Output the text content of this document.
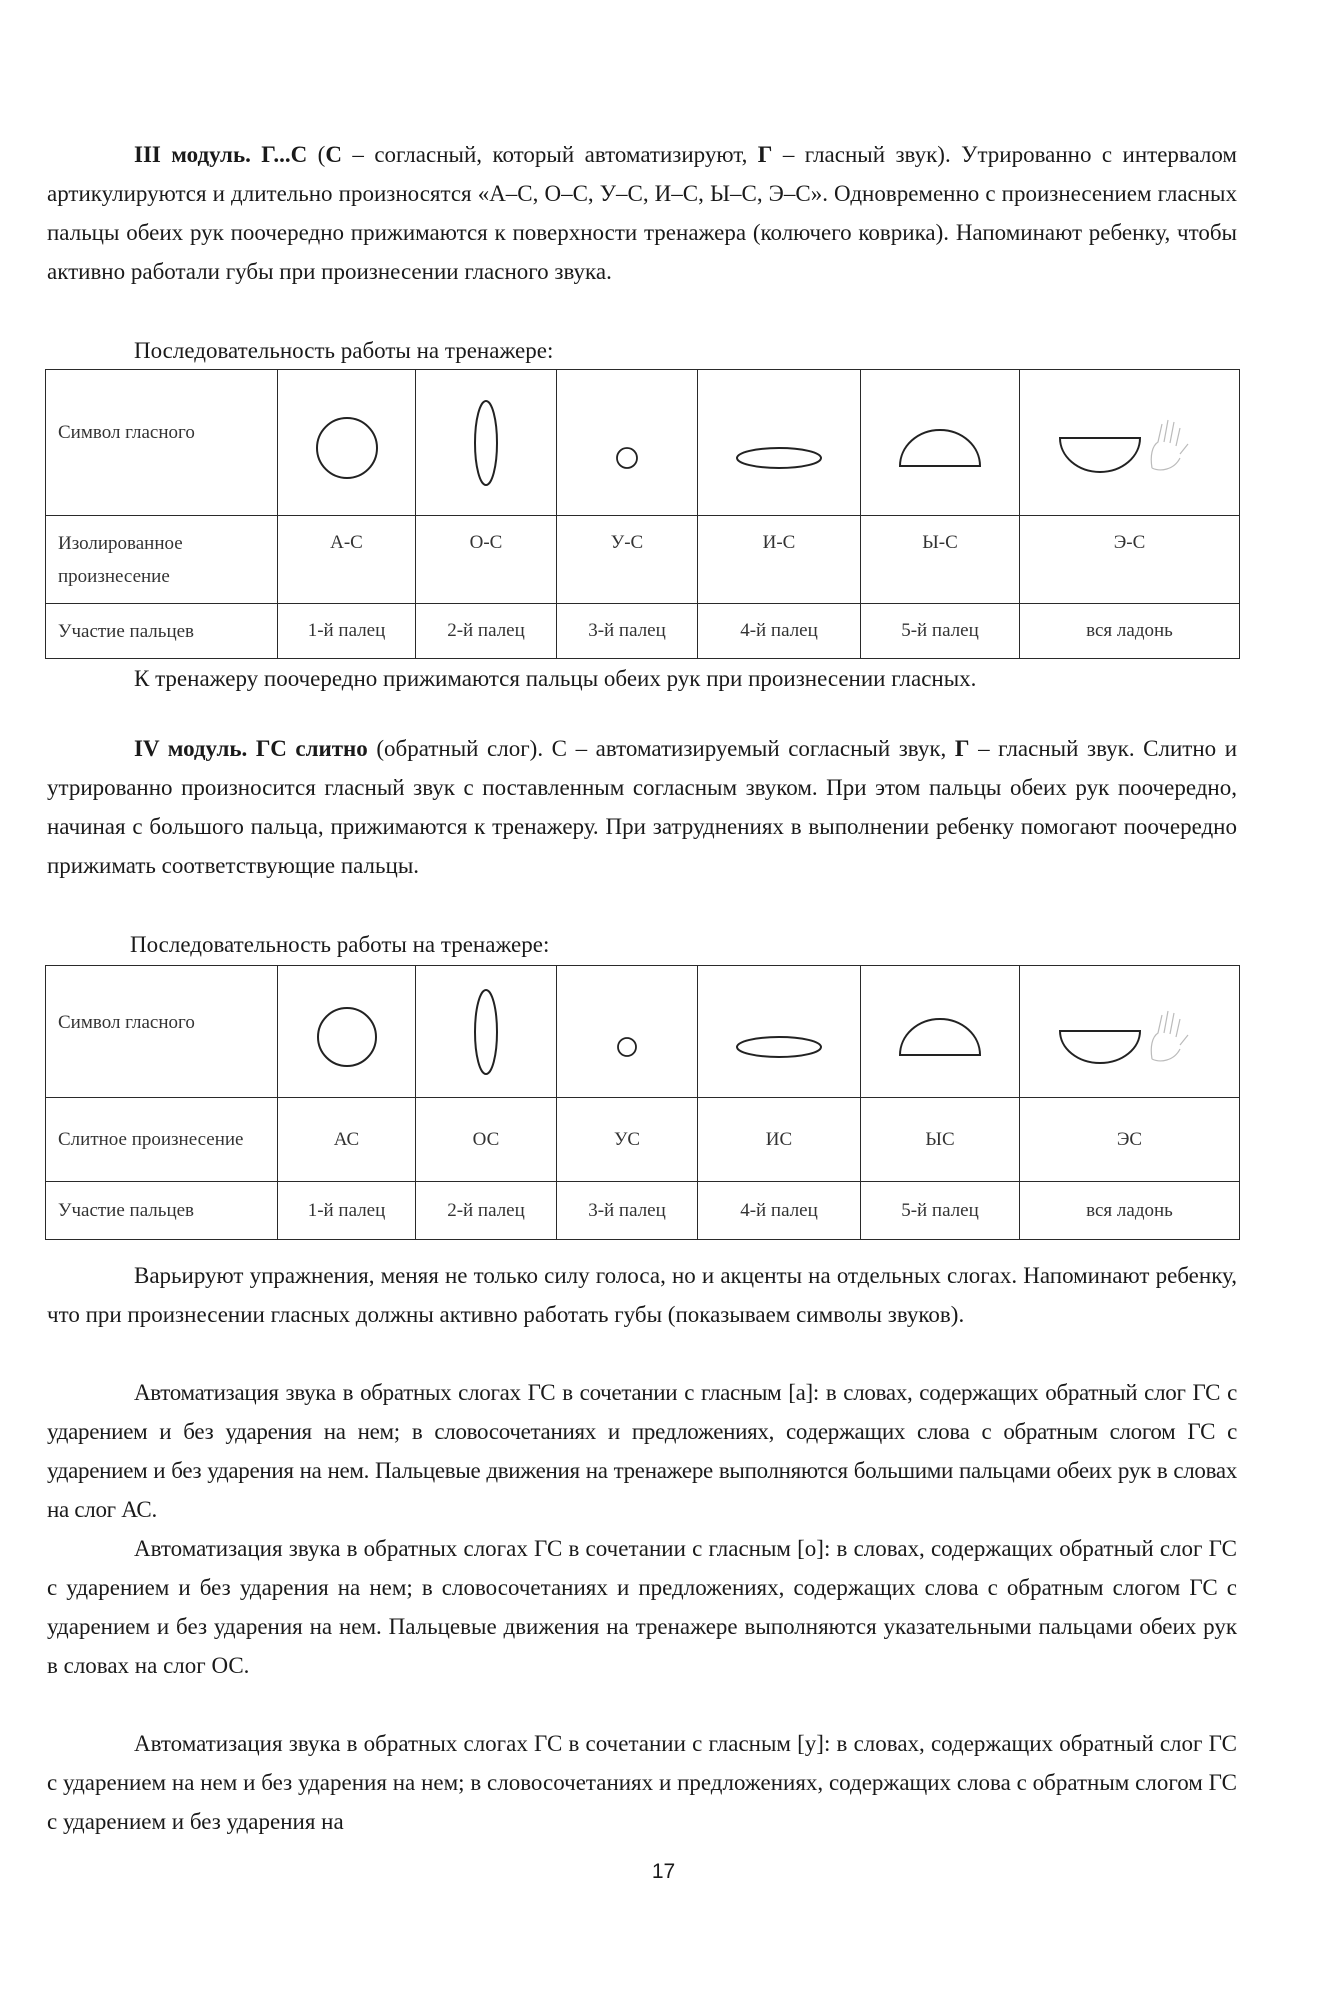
III модуль. Г...С (С – согласный, который автоматизируют, Г – гласный звук). Утрированно с интервалом артикулируются и длительно произносятся «А–С, О–С, У–С, И–С, Ы–С, Э–С». Одновременно с произнесением гласных пальцы обеих рук поочередно прижимаются к поверхности тренажера (колючего коврика). Напоминают ребенку, чтобы активно работали губы при произнесении гласного звука.

Последовательность работы на тренажере:

Символ гласного	

Изолированное произнесение	А-С	О-С	У-С	И-С	Ы-С	Э-С
Участие пальцев	1-й палец	2-й палец	3-й палец	4-й палец	5-й палец	вся ладонь

К тренажеру поочередно прижимаются пальцы обеих рук при произнесении гласных.

IV модуль. ГС слитно (обратный слог). С – автоматизируемый согласный звук, Г – гласный звук. Слитно и утрированно произносится гласный звук с поставленным согласным звуком. При этом пальцы обеих рук поочередно, начиная с большого пальца, прижимаются к тренажеру. При затруднениях в выполнении ребенку помогают поочередно прижимать соответствующие пальцы.

Последовательность работы на тренажере:

Символ гласного	

Слитное произнесение	АС	ОС	УС	ИС	ЫС	ЭС
Участие пальцев	1-й палец	2-й палец	3-й палец	4-й палец	5-й палец	вся ладонь

Варьируют упражнения, меняя не только силу голоса, но и акценты на отдельных слогах. Напоминают ребенку, что при произнесении гласных должны активно работать губы (показываем символы звуков).

Автоматизация звука в обратных слогах ГС в сочетании с гласным [а]: в словах, содержащих обратный слог ГС с ударением и без ударения на нем; в словосочетаниях и предложениях, содержащих слова с обратным слогом ГС с ударением и без ударения на нем. Пальцевые движения на тренажере выполняются большими пальцами обеих рук в словах на слог АС.

Автоматизация звука в обратных слогах ГС в сочетании с гласным [о]: в словах, содержащих обратный слог ГС с ударением и без ударения на нем; в словосочетаниях и предложениях, содержащих слова с обратным слогом ГС с ударением и без ударения на нем. Пальцевые движения на тренажере выполняются указательными пальцами обеих рук в словах на слог ОС.

Автоматизация звука в обратных слогах ГС в сочетании с гласным [у]: в словах, содержащих обратный слог ГС с ударением на нем и без ударения на нем; в словосочетаниях и предложениях, содержащих слова с обратным слогом ГС с ударением и без ударения на

17
